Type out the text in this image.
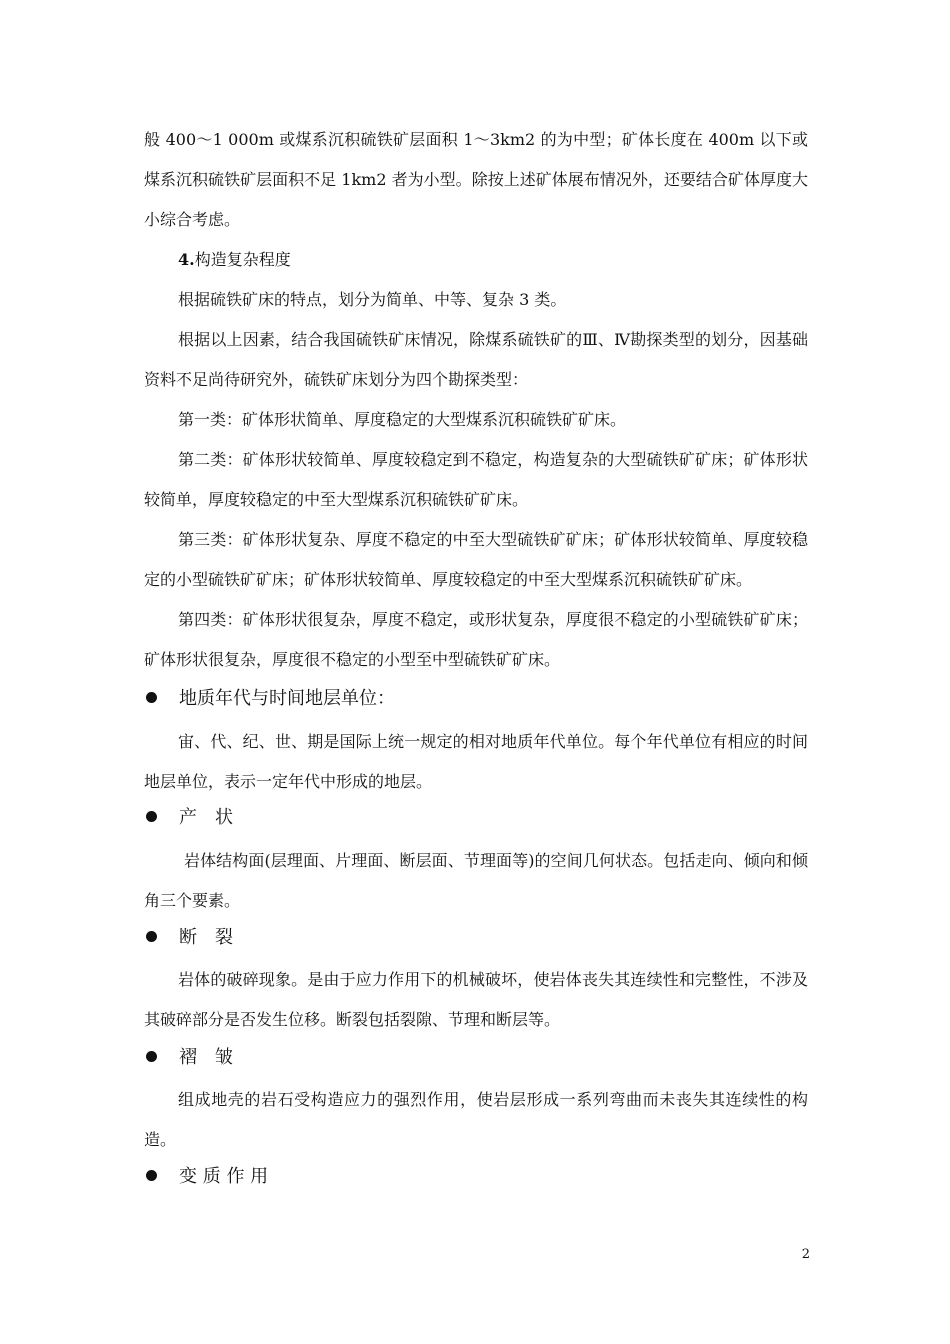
般 400～1 000m 或煤系沉积硫铁矿层面积 1～3km2 的为中型；矿体长度在 400m 以下或煤系沉积硫铁矿层面积不足 1km2 者为小型。除按上述矿体展布情况外，还要结合矿体厚度大小综合考虑。

4.构造复杂程度

根据硫铁矿床的特点，划分为简单、中等、复杂 3 类。

根据以上因素，结合我国硫铁矿床情况，除煤系硫铁矿的Ⅲ、Ⅳ勘探类型的划分，因基础资料不足尚待研究外，硫铁矿床划分为四个勘探类型：

第一类：矿体形状简单、厚度稳定的大型煤系沉积硫铁矿矿床。

第二类：矿体形状较简单、厚度较稳定到不稳定，构造复杂的大型硫铁矿矿床；矿体形状较简单，厚度较稳定的中至大型煤系沉积硫铁矿矿床。

第三类：矿体形状复杂、厚度不稳定的中至大型硫铁矿矿床；矿体形状较简单、厚度较稳定的小型硫铁矿矿床；矿体形状较简单、厚度较稳定的中至大型煤系沉积硫铁矿矿床。

第四类：矿体形状很复杂，厚度不稳定，或形状复杂，厚度很不稳定的小型硫铁矿矿床；矿体形状很复杂，厚度很不稳定的小型至中型硫铁矿矿床。

地质年代与时间地层单位：

宙、代、纪、世、期是国际上统一规定的相对地质年代单位。每个年代单位有相应的时间地层单位，表示一定年代中形成的地层。

产　状

岩体结构面(层理面、片理面、断层面、节理面等)的空间几何状态。包括走向、倾向和倾角三个要素。

断　裂

岩体的破碎现象。是由于应力作用下的机械破坏，使岩体丧失其连续性和完整性，不涉及其破碎部分是否发生位移。断裂包括裂隙、节理和断层等。

褶　皱

组成地壳的岩石受构造应力的强烈作用，使岩层形成一系列弯曲而未丧失其连续性的构造。

变 质 作 用
2
